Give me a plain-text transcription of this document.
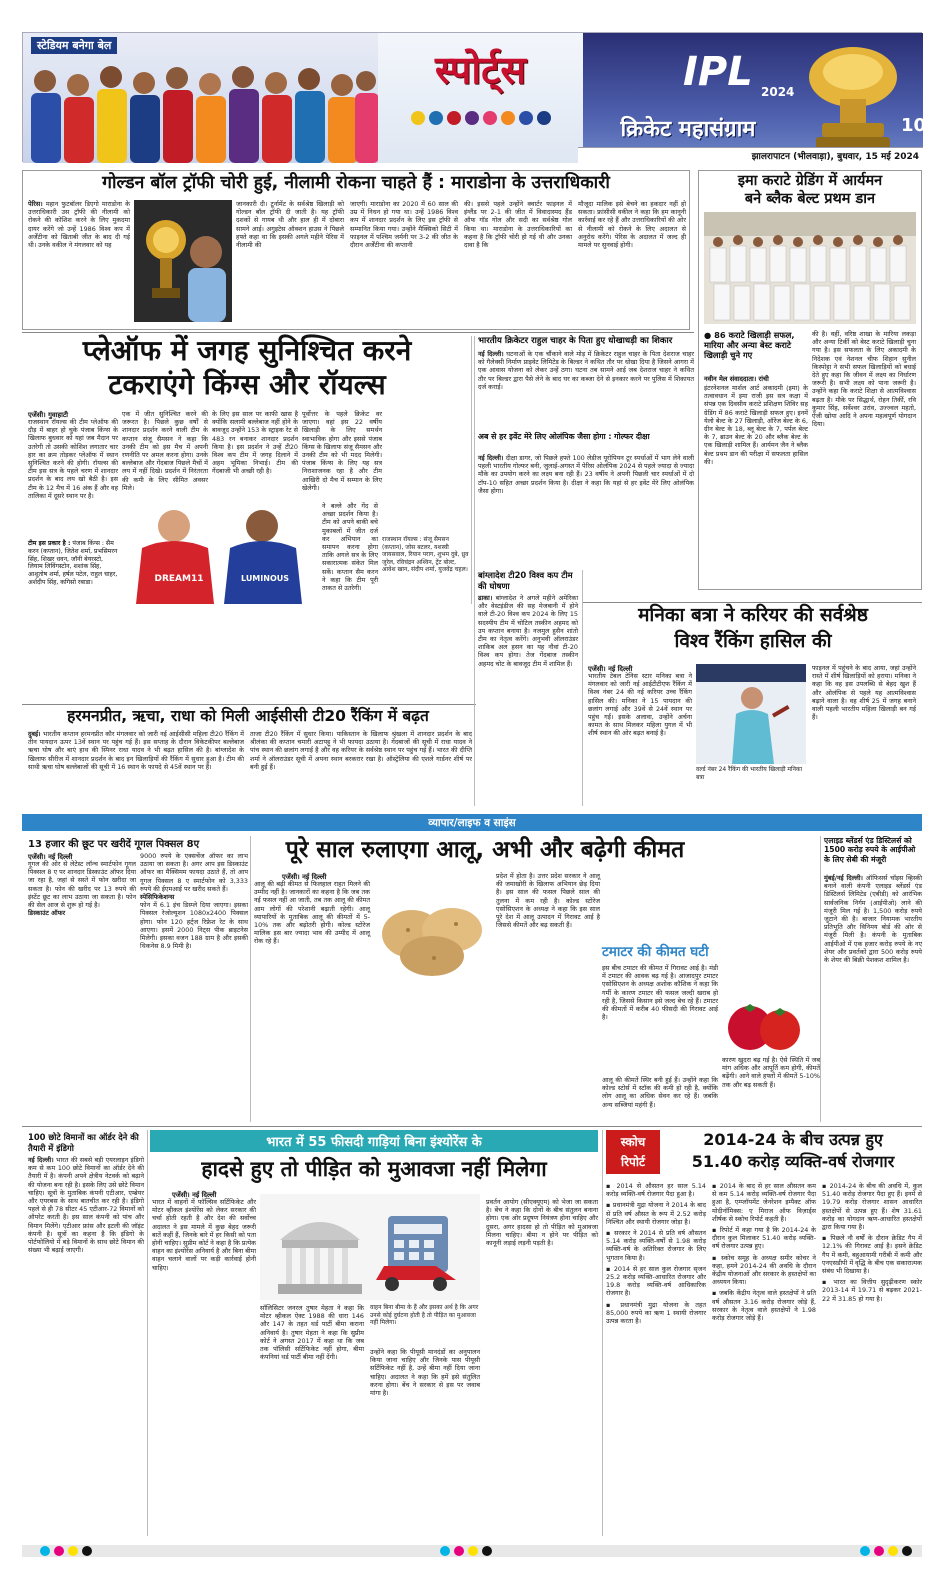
स्टेडियम बनेगा बेल
स्पोर्ट्स	IPL 2024
क्रिकेट महासंग्राम	10
झालरापाटन (भीलवाड़ा), बुधवार, 15 मई 2024
गोल्डन बॉल ट्रॉफी चोरी हुई, नीलामी रोकना चाहते हैं : माराडोना के उत्तराधिकारी
पेरिस। महान फुटबॉलर डिएगो माराडोना के उत्तराधिकारी उस ट्रॉफी की नीलामी को रोकने की कोशिश करने के लिए मुकदमा दायर करेंगे जो उन्हें 1986 विश्व कप में अर्जेंटीना को खिताबी जीत के बाद दी गई थी। उनके वकील ने मंगलवार को यह
जानकारी दी। टूर्नामेंट के सर्वश्रेष्ठ खिलाड़ी को गोल्डन बॉल ट्रॉफी दी जाती है। यह ट्रॉफी दशकों से गायब थी और हाल ही में दोबारा सामने आई। अगुइटेस ऑक्शन हाउस ने पिछले हफ्ते कहा था कि इसकी अगले महीने पेरिस में नीलामी की
जाएगी। माराडोना का 2020 में 60 साल की उम्र में निधन हो गया था। उन्हें 1986 विश्व कप में शानदार प्रदर्शन के लिए इस ट्रॉफी से सम्मानित किया गया। उन्होंने मैक्सिको सिटी में फाइनल में पश्चिम जर्मनी पर 3-2 की जीत के दौरान अर्जेंटीना की कप्तानी
की। इससे पहले उन्होंने क्वार्टर फाइनल में इंग्लैंड पर 2-1 की जीत में विवादास्पद हैंड ऑफ गॉड गोल और सदी का सर्वश्रेष्ठ गोल किया था। माराडोना के उत्तराधिकारियों का कहना है कि ट्रॉफी चोरी हो गई थी और उनका दावा है कि
मौजूदा मालिक इसे बेचने का हकदार नहीं हो सकता। फ्रांसीसी वकील ने कहा कि हम कानूनी कार्रवाई कर रहे हैं और उत्तराधिकारियों की ओर से नीलामी को रोकने के लिए अदालत से अनुरोध करेंगे। पेरिस के अदालत में जल्द ही मामले पर सुनवाई होगी।
इमा कराटे ग्रेडिंग में आर्यमन
बने ब्लैक बेल्ट प्रथम डान
● 86 कराटे खिलाड़ी सफल, मारिया और अन्या बेस्ट कराटे खिलाड़ी चुने गए
नवीन मेल संवाददाता। रांची
इंटरनेशनल मार्शल आर्ट अकादमी (इमा) के तत्वावधान में इमा राजी इस सत्र कक्षा में संपन्न एक दिवसीय कराटे प्रशिक्षण शिविर सह ग्रेडिंग में 86 कराटे खिलाड़ी सफल हुए। इनमें येलो बेल्ट के 27 खिलाड़ी, ऑरेंज बेल्ट के 6, ग्रीन बेल्ट के 18, ब्लू बेल्ट के 7, पर्पल बेल्ट के 7, ब्राउन बेल्ट के 20 और ब्लैक बेल्ट के एक खिलाड़ी शामिल हैं। आर्यमन जैन ने ब्लैक बेल्ट प्रथम डान की परीक्षा में सफलता हासिल की।
की है। वहीं, वरिष्ठ शाखा के मारिया लकड़ा और अन्या टिर्की को बेस्ट कराटे खिलाड़ी चुना गया है। इस सफलता के लिए अकादमी के निदेशक एवं नेशनल चीफ शिहान सुनील किस्पोट्टा ने सभी सफल खिलाड़ियों को बधाई देते हुए कहा कि जीवन में लक्ष्य का निर्धारण जरूरी है। सभी लक्ष्य को पाना जरूरी है। उन्होंने कहा कि कराटे शिक्षा से आत्मविश्वास बढ़ता है। मौके पर सिद्धार्थ, रोहन तिर्की, रवि कुमार सिंह, सर्वेश्वर उरांव, उज्ज्वल महतो, ऐंजी खोया आदि ने अपना महत्वपूर्ण योगदान दिया।
प्लेऑफ में जगह सुनिश्चित करने
टकराएंगे किंग्स और रॉयल्स
एजेंसी। गुवाहाटी
राजस्थान रॉयल्स की टीम प्लेऑफ की दौड़ में बाहर हो चुके पंजाब किंग्स के खिलाफ बुधवार को यहां जब मैदान पर उतरेगी तो उसकी कोशिश लगातार चार हार का क्रम तोड़कर प्लेऑफ में स्थान सुनिश्चित करने की होगी। रॉयल्स की टीम इस सत्र के पहले चरण में शानदार प्रदर्शन के बाद लय खो बैठी है। इस टीम के 12 मैच में 16 अंक हैं और वह तालिका में दूसरे स्थान पर है।
टीम इस प्रकार है : पंजाब किंग्स : सैम करन (कप्तान), जितेश शर्मा, प्रभसिमरन सिंह, शिखर धवन, जॉनी बेयरस्टो, लियाम लिविंगस्टोन, शशांक सिंह, आशुतोष शर्मा, हर्षल पटेल, राहुल चाहर, अर्शदीप सिंह, कगिसो रबाडा।
एक में जीत सुनिश्चित करने की जरूरत है। पिछले कुछ वर्षों से शानदार प्रदर्शन करने वाली टीम के कप्तान संजू सैमसन ने कहा कि उनकी टीम को इस मैच में अपनी रणनीति पर अमल करना होगा। उनके बल्लेबाज और गेंदबाज पिछले मैचों में लय में नहीं दिखे। प्रदर्शन में निरंतरता की कमी के लिए सीमित अवसर मिले।
के लिए इस साल पर काफी खास है क्योंकि सलामी बल्लेबाज नहीं होने के बावजूद उन्होंने 153 के स्ट्राइक रेट से 483 रन बनाकर शानदार प्रदर्शन किया है। इस प्रदर्शन ने उन्हें टी20 विश्व कप टीम में जगह दिलाने में अहम भूमिका निभाई। टीम की गेंदबाजी भी अच्छी रही है।
पूर्वोत्तर के पहले क्रिकेट वर जाएगा। वहां इस 22 वर्षीय खिलाड़ी के लिए समर्थन स्वाभाविक होगा और इससे पंजाब किंग्स के खिलाफ संजू सैमसन और उनकी टीम को भी मदद मिलेगी। पंजाब किंग्स के लिए यह सत्र निराशाजनक रहा है और टीम आखिरी दो मैच में सम्मान के लिए खेलेगी।
ने बल्ले और गेंद से अच्छा प्रदर्शन किया है। टीम को अपने बाकी बचे मुकाबलों में जीत दर्ज कर अभियान का समापन करना होगा ताकि अगले सत्र के लिए सकारात्मक संकेत मिल सकें। कप्तान सैम करन ने कहा कि टीम पूरी ताकत से उतरेगी।
DREAM11	LUMINOUS
राजस्थान रॉयल्स : संजू सैमसन (कप्तान), जोस बटलर, यशस्वी जायसवाल, रियान पराग, शुभम दुबे, ध्रुव जुरेल, रविचंद्रन अश्विन, ट्रेंट बोल्ट, आवेश खान, संदीप शर्मा, युजवेंद्र चहल।
भारतीय क्रिकेटर राहुल चाहर के पिता हुए धोखाधड़ी का शिकार
नई दिल्ली। घटनाओं के एक चौंकाने वाले मोड़ में क्रिकेटर राहुल चाहर के पिता देशराज चाहर को गैलेक्सी निर्माण प्राइवेट लिमिटेड के बिल्डर ने कथित तौर पर धोखा दिया है जिसने आगरा में एक आवास योजना को लेकर उन्हें ठगा। घटना तब सामने आई जब देशराज चाहर ने कथित तौर पर बिल्डर द्वारा पैसे लेने के बाद घर का कब्जा देने से इनकार करने पर पुलिस में शिकायत दर्ज कराई।
अब से हर इवेंट मेरे लिए ओलंपिक जैसा होगा : गोल्फर दीक्षा
नई दिल्ली। दीक्षा डागर, जो पिछले हफ्ते 100 लेडीज यूरोपियन टूर स्पर्धाओं में भाग लेने वाली पहली भारतीय गोल्फर बनी, जुलाई-अगस्त में पेरिस ओलंपिक 2024 से पहले ज्यादा से ज्यादा मौके का उपयोग करने का लक्ष्य बना रही हैं। 23 वर्षीय ने अपनी पिछली चार स्पर्धाओं में दो टॉप-10 सहित अच्छा प्रदर्शन किया है। दीक्षा ने कहा कि यहां से हर इवेंट मेरे लिए ओलंपिक जैसा होगा।
बांग्लादेश टी20 विश्व कप टीम की घोषणा
ढाका। बांग्लादेश ने अगले महीने अमेरिका और वेस्टइंडीज की सह मेजबानी में होने वाले टी-20 विश्व कप 2024 के लिए 15 सदस्यीय टीम में चोटिल तस्कीन अहमद को उप कप्तान बनाया है। नजमुल हुसैन शांतो टीम का नेतृत्व करेंगे। अनुभवी ऑलराउंडर शाकिब अल हसन का यह नौवां टी-20 विश्व कप होगा। तेज गेंदबाज तस्कीन अहमद चोट के बावजूद टीम में शामिल हैं।
मनिका बत्रा ने करियर की सर्वश्रेष्ठ
विश्व रैंकिंग हासिल की
एजेंसी। नई दिल्ली
भारतीय टेबल टेनिस स्टार मनिका बत्रा ने मंगलवार को जारी नई आईटीटीएफ रैंकिंग में विश्व नंबर 24 की नई करियर उच्च रैंकिंग हासिल की। मनिका ने 15 पायदान की छलांग लगाई और 39वें से 24वें स्थान पर पहुंच गईं। इसके अलावा, उन्होंने अर्चना कामत के साथ मिलकर महिला युगल में भी शीर्ष स्थान की ओर बढ़त बनाई है।
वर्ल्ड नंबर 24 रैंकिंग की भारतीय खिलाड़ी मनिका बत्रा
फाइनल में पहुंचने के बाद आया, जहां उन्होंने रास्ते में शीर्ष खिलाड़ियों को हराया। मनिका ने कहा कि वह इस उपलब्धि से बेहद खुश हैं और ओलंपिक से पहले यह आत्मविश्वास बढ़ाने वाला है। वह शीर्ष 25 में जगह बनाने वाली पहली भारतीय महिला खिलाड़ी बन गई हैं।
हरमनप्रीत, ऋचा, राधा को मिली आईसीसी टी20 रैंकिंग में बढ़त
दुबई। भारतीय कप्तान हरमनप्रीत कौर मंगलवार को जारी नई आईसीसी महिला टी20 रैंकिंग में तीन पायदान ऊपर 13वें स्थान पर पहुंच गई हैं। इस सप्ताह के दौरान विकेटकीपर बल्लेबाज ऋचा घोष और बाएं हाथ की स्पिनर राधा यादव ने भी बढ़त हासिल की है। बांग्लादेश के खिलाफ सीरीज में शानदार प्रदर्शन के बाद इन खिलाड़ियों की रैंकिंग में सुधार हुआ है। टीम की साथी ऋचा घोष बल्लेबाजों की सूची में 16 स्थान के फायदे से 45वें स्थान पर हैं।
ताजा टी20 रैंकिंग में सुधार किया। पाकिस्तान के खिलाफ श्रृंखला में शानदार प्रदर्शन के बाद श्रीलंका की कप्तान चमारी अटापट्टू ने भी फायदा उठाया है। गेंदबाजों की सूची में राधा यादव ने पांच स्थान की छलांग लगाई है और वह करियर के सर्वश्रेष्ठ स्थान पर पहुंच गई हैं। भारत की दीप्ति शर्मा ने ऑलराउंडर सूची में अपना स्थान बरकरार रखा है। ऑस्ट्रेलिया की एशले गार्डनर शीर्ष पर बनी हुई हैं।
व्यापार/लाइफ व साइंस
13 हजार की छूट पर खरीदें गूगल पिक्सल 8ए
एजेंसी। नई दिल्ली
गूगल की ओर से लेटेस्ट लॉन्च स्मार्टफोन गूगल पिक्सल 8 ए पर शानदार डिस्काउंट ऑफर दिया जा रहा है, जहां से सस्ते में फोन खरीदा जा सकता है। फोन की खरीद पर 13 रुपये की इंस्टेंट छूट का लाभ उठाया जा सकता है। फोन की सेल आज से शुरू हो गई है।
डिस्काउंट ऑफर
9000 रुपये के एक्सचेंज ऑफर का लाभ उठाया जा सकता है। अगर आप इस डिस्काउंट ऑफर का मैक्सिमम फायदा उठाते हैं, तो आप गूगल पिक्सल 8 ए स्मार्टफोन को 3,333 रुपये की ईएमआई पर खरीद सकते हैं।
स्पेसिफिकेशन्स
फोन में 6.1 इंच डिस्प्ले दिया जाएगा। इसका पिक्सल रेजोल्यूशन 1080x2400 पिक्सल होगा। फोन 120 हर्ट्ज रिफ्रेश रेट के साथ आएगा। इसमें 2000 निट्स पीक ब्राइटनेस मिलेगी। इसका वजन 188 ग्राम है और इसकी थिकनेस 8.9 मिमी है।
पूरे साल रुलाएगा आलू, अभी और बढ़ेगी कीमत
एजेंसी। नई दिल्ली
आलू की बढ़ी कीमत से फिलहाल राहत मिलने की उम्मीद नहीं है। जानकारों का कहना है कि जब तक नई फसल नहीं आ जाती, तब तक आलू की कीमत आम लोगों की परेशानी बढ़ाती रहेगी। आलू व्यापारियों के मुताबिक आलू की कीमतों में 5-10% तक और बढ़ोतरी होगी। कोल्ड स्टोरेज मालिक इस बार ज्यादा भाव की उम्मीद में आलू रोक रहे हैं।
प्रदेश में होता है। उत्तर प्रदेश सरकार ने आलू की जमाखोरी के खिलाफ अभियान छेड़ दिया है। इस साल की फसल पिछले साल की तुलना में कम रही है। कोल्ड स्टोरेज एसोसिएशन के अध्यक्ष ने कहा कि इस साल पूरे देश में आलू उत्पादन में गिरावट आई है जिससे कीमतें और बढ़ सकती हैं।
टमाटर की कीमत घटी
इस बीच टमाटर की कीमत में गिरावट आई है। मंडी में टमाटर की आवक बढ़ गई है। आजादपुर टमाटर एसोसिएशन के अध्यक्ष अशोक कौशिक ने कहा कि गर्मी के कारण टमाटर की फसल जल्दी खराब हो रही है, जिससे किसान इसे जल्द बेच रहे हैं। टमाटर की कीमतों में करीब 40 फीसदी की गिरावट आई है।
आलू की कीमतें स्थिर बनी हुई हैं। उन्होंने कहा कि कोल्ड स्टोर्स में स्टॉक की कमी हो रही है, क्योंकि लोग आलू का अधिक सेवन कर रहे हैं। जबकि अन्य सब्जियां महंगी हैं।
कारण खुदरा बढ़ गई है। ऐसे स्थिति में जब मांग अधिक और आपूर्ति कम होगी, कीमतें बढ़ेंगी। आने वाले हफ्तों में कीमतें 5-10% तक और बढ़ सकती हैं।
एलाइड ब्लेंडर्स एंड डिस्टिलर्स को 1500 करोड़ रुपये के आईपीओ के लिए सेबी की मंजूरी
मुंबई/नई दिल्ली। ऑफिसर्स चॉइस व्हिस्की बनाने वाली कंपनी एलाइड ब्लेंडर्स एंड डिस्टिलर्स लिमिटेड (एबीडी) को आरंभिक सार्वजनिक निर्गम (आईपीओ) लाने की मंजूरी मिल गई है। 1,500 करोड़ रुपये जुटाने की है। बाजार नियामक भारतीय प्रतिभूति और विनिमय बोर्ड की ओर से मंजूरी मिली है। कंपनी के मुताबिक आईपीओ में एक हजार करोड़ रुपये के नए शेयर और प्रवर्तकों द्वारा 500 करोड़ रुपये के शेयर की बिक्री पेशकश शामिल है।
100 छोटे विमानों का ऑर्डर देने की तैयारी में इंडिगो
नई दिल्ली। भारत की सबसे बड़ी एयरलाइन इंडिगो कम से कम 100 छोटे विमानों का ऑर्डर देने की तैयारी में है। कंपनी अपने क्षेत्रीय नेटवर्क को बढ़ाने की योजना बना रही है। इसके लिए उसे छोटे विमान चाहिए। सूत्रों के मुताबिक कंपनी एटीआर, एम्ब्रेयर और एयरबस के साथ बातचीत कर रही है। इंडिगो पहले से ही 78 सीटर 45 एटीआर-72 विमानों को ऑपरेट करती है। इस साल कंपनी को पांच और विमान मिलेंगे। एटीआर फ्रांस और इटली की जॉइंट कंपनी है। सूत्रों का कहना है कि इंडिगो के पोर्टफोलियो में बड़े विमानों के साथ छोटे विमान की संख्या भी बढ़ाई जाएगी।
भारत में 55 फीसदी गाड़ियां बिना इंश्योरेंस के
हादसे हुए तो पीड़ित को मुआवजा नहीं मिलेगा
एजेंसी। नई दिल्ली
भारत में वाहनों में फॉल्सिव सर्टिफिकेट और मोटर व्हीकल इंश्योरेंस को लेकर सरकार की चर्चा होती रहती है और देश की सर्वोच्च अदालत ने इस मामले में कुछ बेहद जरूरी बातें कहीं हैं, जिनके बारे में हर किसी को पता होनी चाहिए। सुप्रीम कोर्ट ने कहा है कि प्रत्येक वाहन का इंश्योरेंस अनिवार्य है और बिना बीमा वाहन चलाने वालों पर कड़ी कार्रवाई होनी चाहिए।
सॉलिसिटर जनरल तुषार मेहता ने कहा कि मोटर व्हीकल ऐक्ट 1988 की धारा 146 और 147 के तहत थर्ड पार्टी बीमा कराना अनिवार्य है। तुषार मेहता ने कहा कि सुप्रीम कोर्ट ने अगस्त 2017 में कहा था कि जब तक पॉलिसी सर्टिफिकेट नहीं होगा, बीमा कंपनियां थर्ड पार्टी बीमा नहीं देंगी।
उन्होंने कहा कि पीयूसी मानदंडों का अनुपालन किया जाना चाहिए और जिनके पास पीयूसी सर्टिफिकेट नहीं है, उन्हें बीमा नहीं दिया जाना चाहिए। अदालत ने कहा कि हमें इसे संतुलित करना होगा। बेंच ने सरकार से इस पर जवाब मांगा है।
वाहन बिना बीमा के हैं और इसका अर्थ है कि अगर उनसे कोई दुर्घटना होती है तो पीड़ित का मुआवजा नहीं मिलेगा।
प्रवर्तन आयोग (सीएक्यूएम) को भेजा जा सकता है। बेंच ने कहा कि दोनों के बीच संतुलन बनाना होगा। एक ओर प्रदूषण नियंत्रण होना चाहिए और दूसरा, अगर हादसा हो तो पीड़ित को मुआवजा मिलना चाहिए। बीमा न होने पर पीड़ित को कानूनी लड़ाई लड़नी पड़ती है।
स्कोच
रिपोर्ट
2014-24 के बीच उत्पन्न हुए
51.40 करोड़ व्यक्ति-वर्ष रोजगार
▪ 2014 से औसतन हर साल 5.14 करोड़ व्यक्ति-वर्ष रोजगार पैदा हुआ है।
▪ प्रधानमंत्री मुद्रा योजना ने 2014 के बाद से प्रति वर्ष औसत के रूप में 2.52 करोड़ निश्चित और स्थायी रोजगार जोड़ा है।
▪ सरकार ने 2014 से प्रति वर्ष औसतन 5.14 करोड़ व्यक्ति-वर्षों से 1.98 करोड़ व्यक्ति-वर्ष के अतिरिक्त रोजगार के लिए भुगतान किया है।
▪ 2014 से हर साल कुल रोजगार सृजन 25.2 करोड़ व्यक्ति-आधारित रोजगार और 19.8 करोड़ व्यक्ति-वर्ष आधिकारिक रोजगार है।
▪ प्रधानमंत्री मुद्रा योजना के तहत 85,000 रुपये का ऋण 1 स्थायी रोजगार उत्पन्न करता है।
▪ 2014 के बाद से हर साल औसतन कम से कम 5.14 करोड़ व्यक्ति-वर्ष रोजगार पैदा हुआ है, एम्प्लॉयमेंट जेनरेशन इम्पैक्ट ऑफ मोदीनॉमिक्स: ए मिराज ऑफ विज़ार्ड्स शीर्षक से स्कोच रिपोर्ट कहती है।
▪ रिपोर्ट में कहा गया है कि 2014-24 के दौरान कुल मिलाकर 51.40 करोड़ व्यक्ति-वर्ष रोजगार उत्पन्न हुए।
▪ स्कोच समूह के अध्यक्ष समीर कोचर ने कहा, हमने 2014-24 की अवधि के दौरान केंद्रीय योजनाओं और सरकार के हस्तक्षेपों का अध्ययन किया।
▪ जबकि केंद्रीय नेतृत्व वाले हस्तक्षेपों ने प्रति वर्ष औसतन 3.16 करोड़ रोजगार जोड़े हैं, सरकार के नेतृत्व वाले हस्तक्षेपों ने 1.98 करोड़ रोजगार जोड़े हैं।
▪ 2014-24 के बीच की अवधि में, कुल 51.40 करोड़ रोजगार पैदा हुए हैं। इनमें से 19.79 करोड़ रोजगार शासन आधारित हस्तक्षेपों से उत्पन्न हुए हैं। शेष 31.61 करोड़ का योगदान ऋण-आधारित हस्तक्षेपों द्वारा किया गया है।
▪ पिछले नौ वर्षों के दौरान क्रेडिट गैप में 12.1% की गिरावट आई है। इसने क्रेडिट गैप में कमी, बहुआयामी गरीबी में कमी और एनएसडीपी में वृद्धि के बीच एक सकारात्मक संबंध भी दिखाया है।
▪ भारत का वित्तीय सुदृढ़ीकरण स्कोर 2013-14 में 19.71 से बढ़कर 2021-22 में 31.85 हो गया है।
